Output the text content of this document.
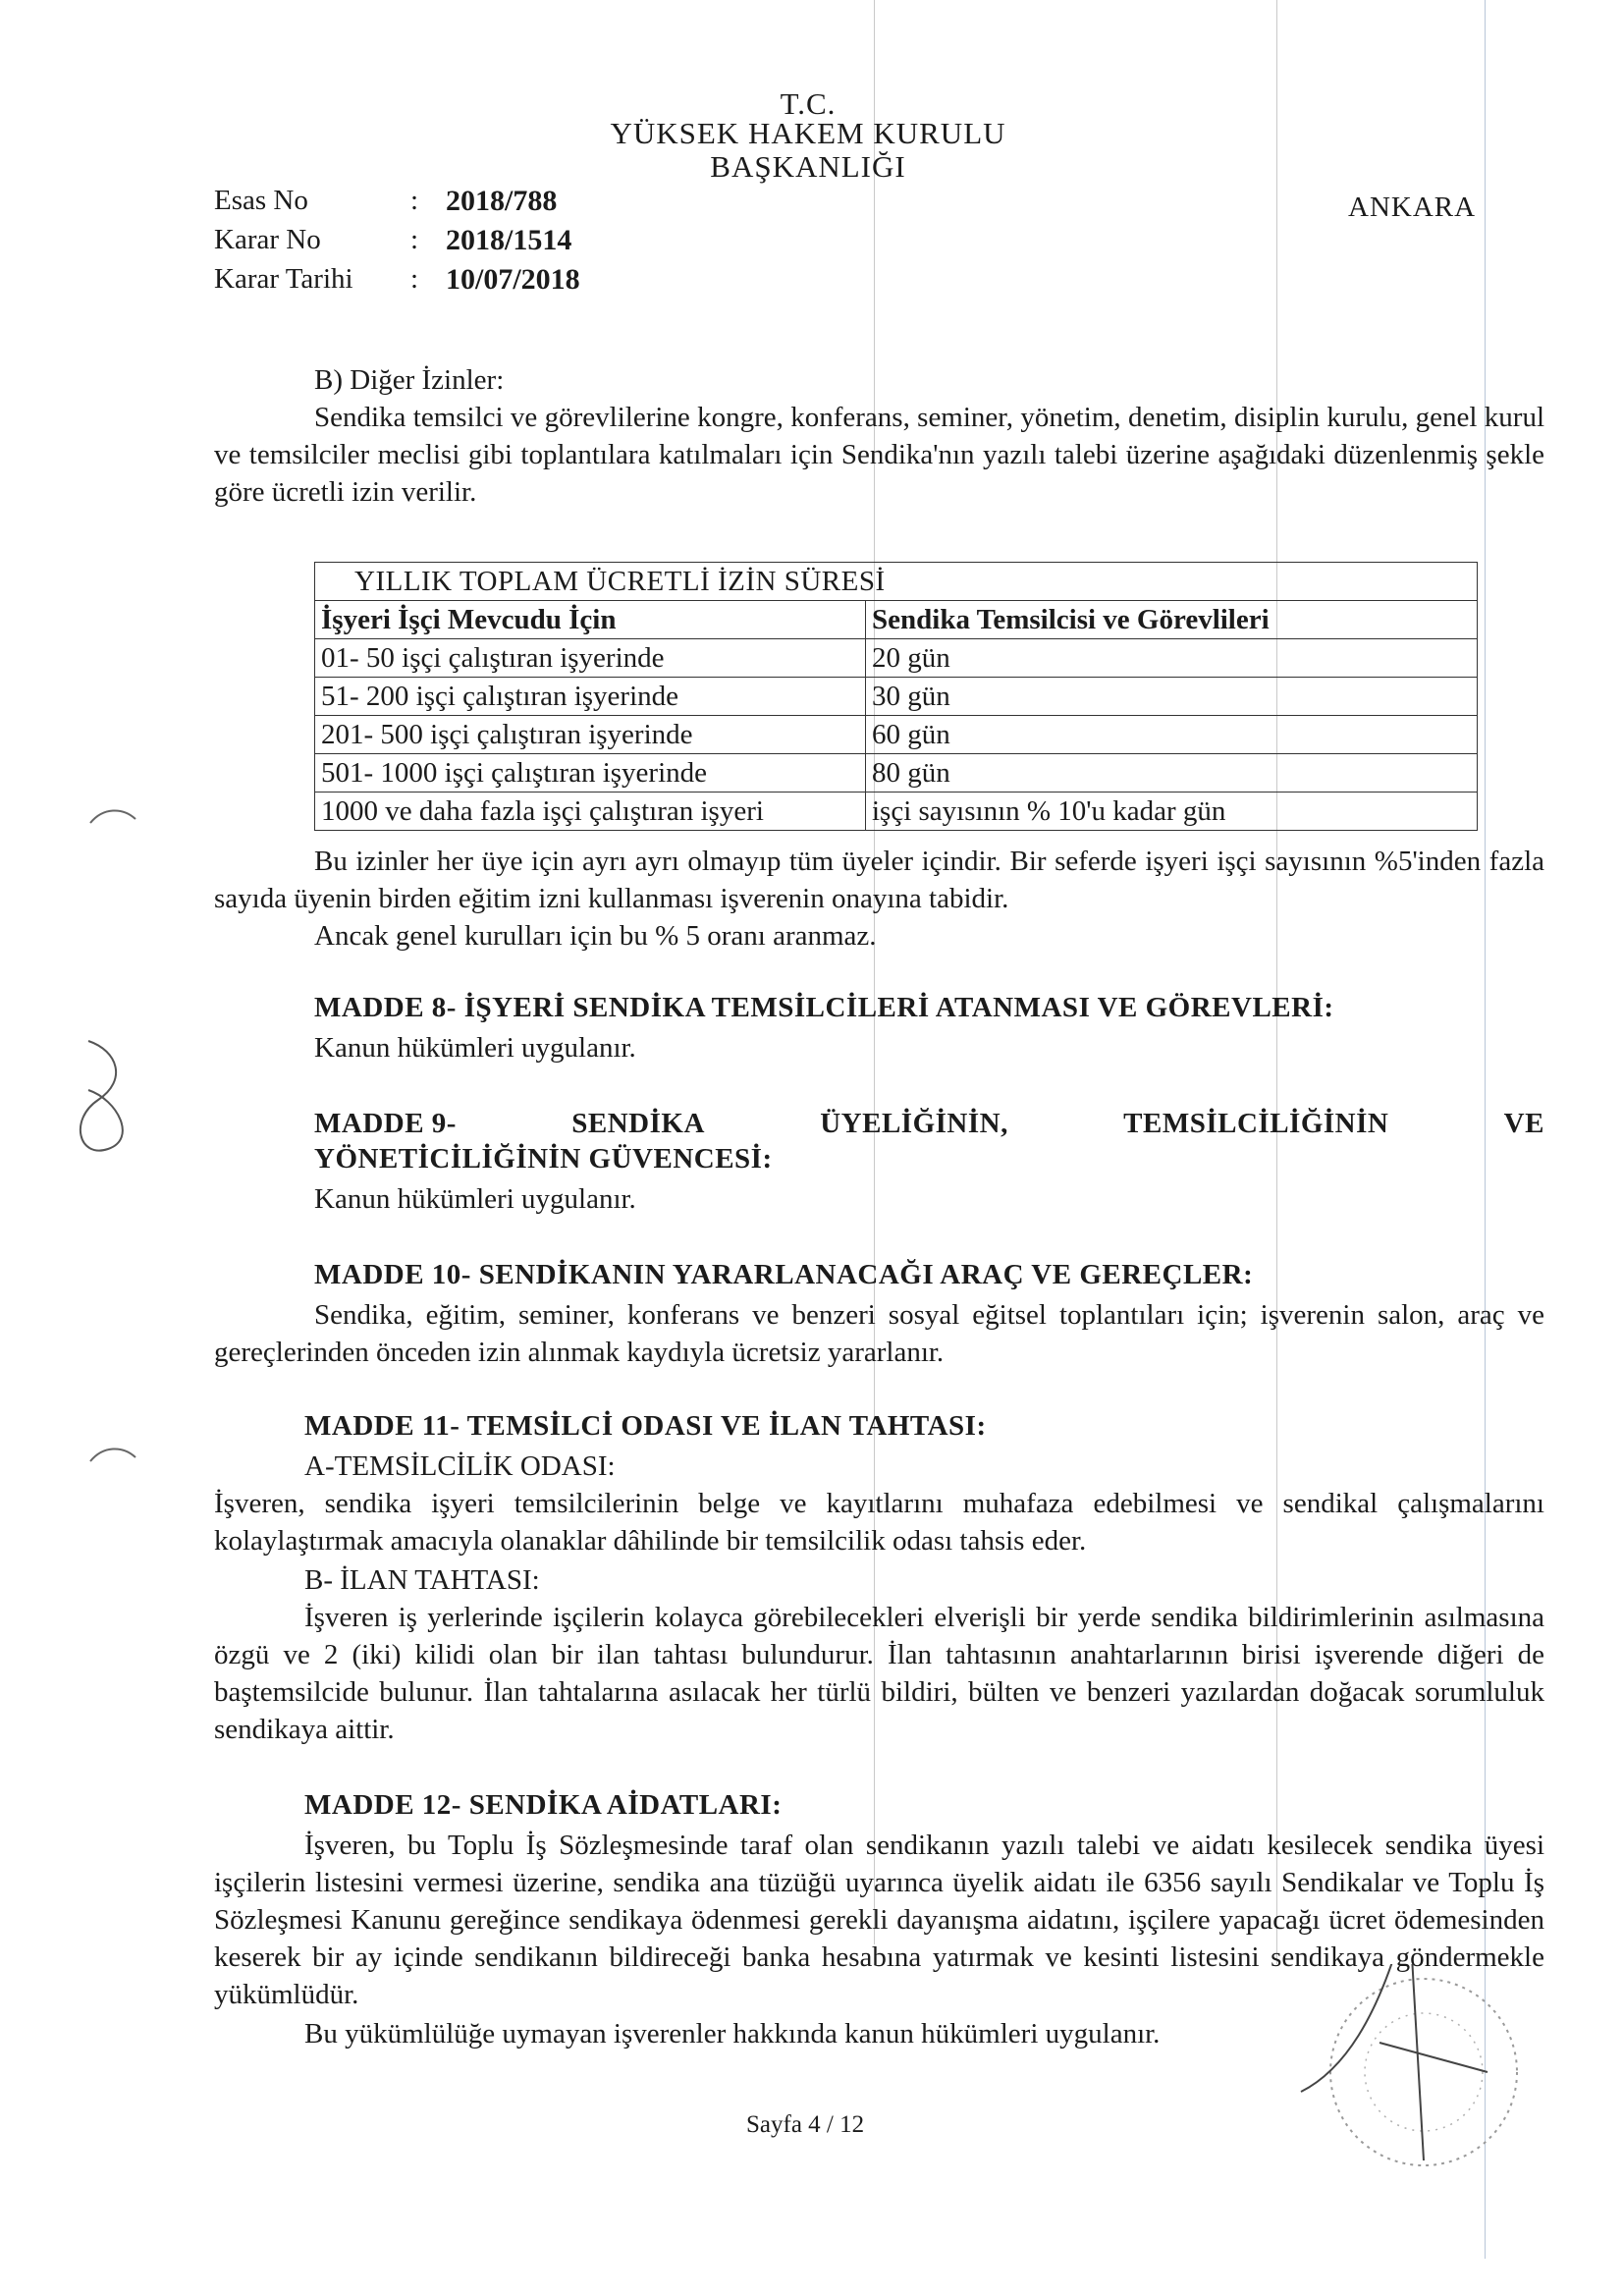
T.C.
YÜKSEK HAKEM KURULU
BAŞKANLIĞI
ANKARA
Esas No	: 2018/788
Karar No	: 2018/1514
Karar Tarihi	: 10/07/2018
B) Diğer İzinler:
Sendika temsilci ve görevlilerine kongre, konferans, seminer, yönetim, denetim, disiplin kurulu, genel kurul ve temsilciler meclisi gibi toplantılara katılmaları için Sendika'nın yazılı talebi üzerine aşağıdaki düzenlenmiş şekle göre ücretli izin verilir.
YILLIK TOPLAM ÜCRETLİ İZİN SÜRESİ	
İşyeri İşçi Mevcudu İçin	Sendika Temsilcisi ve Görevlileri
01- 50 işçi çalıştıran işyerinde	20 gün
51- 200 işçi çalıştıran işyerinde	30 gün
201- 500 işçi çalıştıran işyerinde	60 gün
501- 1000 işçi çalıştıran işyerinde	80 gün
1000 ve daha fazla işçi çalıştıran işyeri	işçi sayısının % 10'u kadar gün
Bu izinler her üye için ayrı ayrı olmayıp tüm üyeler içindir. Bir seferde işyeri işçi sayısının %5'inden fazla sayıda üyenin birden eğitim izni kullanması işverenin onayına tabidir.
Ancak genel kurulları için bu % 5 oranı aranmaz.
MADDE 8- İŞYERİ SENDİKA TEMSİLCİLERİ ATANMASI VE GÖREVLERİ:
Kanun hükümleri uygulanır.
MADDE 9-	SENDİKA	ÜYELİĞİNİN,	TEMSİLCİLİĞİNİN	VE
YÖNETİCİLİĞİNİN GÜVENCESİ:
Kanun hükümleri uygulanır.
MADDE 10- SENDİKANIN YARARLANACAĞI ARAÇ VE GEREÇLER:
Sendika, eğitim, seminer, konferans ve benzeri sosyal eğitsel toplantıları için; işverenin salon, araç ve gereçlerinden önceden izin alınmak kaydıyla ücretsiz yararlanır.
MADDE 11- TEMSİLCİ ODASI VE İLAN TAHTASI:
A-TEMSİLCİLİK ODASI:
İşveren, sendika işyeri temsilcilerinin belge ve kayıtlarını muhafaza edebilmesi ve sendikal çalışmalarını kolaylaştırmak amacıyla olanaklar dâhilinde bir temsilcilik odası tahsis eder.
B- İLAN TAHTASI:
İşveren iş yerlerinde işçilerin kolayca görebilecekleri elverişli bir yerde sendika bildirimlerinin asılmasına özgü ve 2 (iki) kilidi olan bir ilan tahtası bulundurur. İlan tahtasının anahtarlarının birisi işverende diğeri de baştemsilcide bulunur. İlan tahtalarına asılacak her türlü bildiri, bülten ve benzeri yazılardan doğacak sorumluluk sendikaya aittir.
MADDE 12- SENDİKA AİDATLARI:
İşveren, bu Toplu İş Sözleşmesinde taraf olan sendikanın yazılı talebi ve aidatı kesilecek sendika üyesi işçilerin listesini vermesi üzerine, sendika ana tüzüğü uyarınca üyelik aidatı ile 6356 sayılı Sendikalar ve Toplu İş Sözleşmesi Kanunu gereğince sendikaya ödenmesi gerekli dayanışma aidatını, işçilere yapacağı ücret ödemesinden keserek bir ay içinde sendikanın bildireceği banka hesabına yatırmak ve kesinti listesini sendikaya göndermekle yükümlüdür.
Bu yükümlülüğe uymayan işverenler hakkında kanun hükümleri uygulanır.
Sayfa 4 / 12
